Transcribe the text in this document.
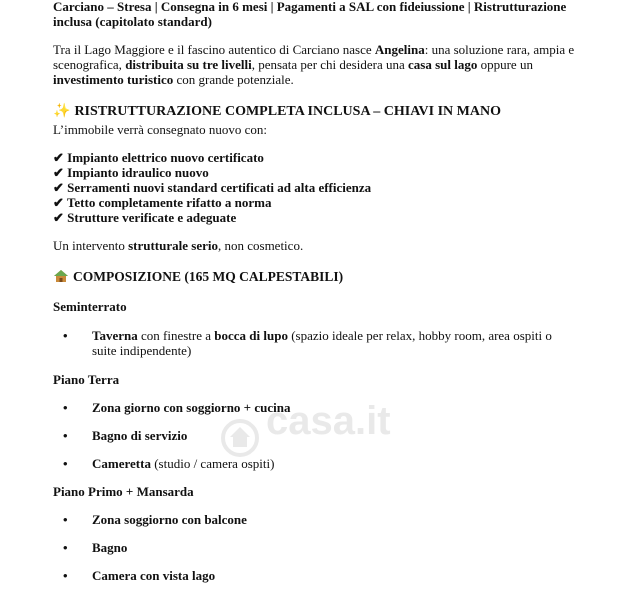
Carciano – Stresa | Consegna in 6 mesi | Pagamenti a SAL con fideiussione | Ristrutturazione inclusa (capitolato standard)

Tra il Lago Maggiore e il fascino autentico di Carciano nasce Angelina: una soluzione rara, ampia e scenografica, distribuita su tre livelli, pensata per chi desidera una casa sul lago oppure un investimento turistico con grande potenziale.

✨ RISTRUTTURAZIONE COMPLETA INCLUSA – CHIAVI IN MANO

L’immobile verrà consegnato nuovo con:

✔ Impianto elettrico nuovo certificato
✔ Impianto idraulico nuovo
✔ Serramenti nuovi standard certificati ad alta efficienza
✔ Tetto completamente rifatto a norma
✔ Strutture verificate e adeguate

Un intervento strutturale serio, non cosmetico.

COMPOSIZIONE (165 MQ CALPESTABILI)

Seminterrato

• Taverna con finestre a bocca di lupo (spazio ideale per relax, hobby room, area ospiti o suite indipendente)

Piano Terra

• Zona giorno con soggiorno + cucina
• Bagno di servizio
• Cameretta (studio / camera ospiti)

Piano Primo + Mansarda

• Zona soggiorno con balcone
• Bagno
• Camera con vista lago
casa.it
